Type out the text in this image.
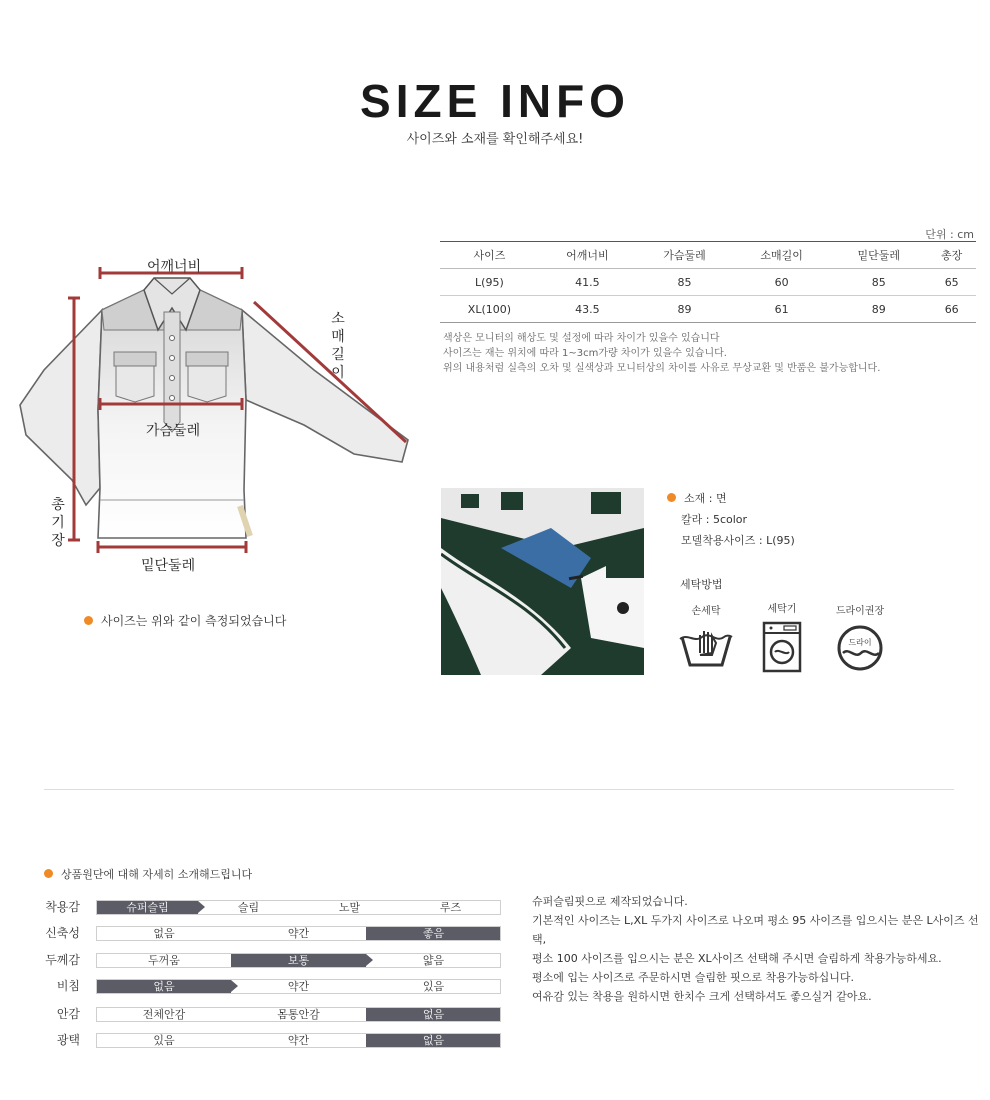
SIZE INFO
사이즈와 소재를 확인해주세요!
어깨너비
가슴둘레
밑단둘레
소
매
길
이
총
기
장
사이즈는 위와 같이 측정되었습니다
단위 : cm
사이즈	어깨너비	가슴둘레	소매길이	밑단둘레	총장
L(95)	41.5	85	60	85	65
XL(100)	43.5	89	61	89	66
색상은 모니터의 해상도 및 설정에 따라 차이가 있을수 있습니다
사이즈는 재는 위치에 따라 1~3cm가량 차이가 있을수 있습니다.
위의 내용처럼 실측의 오차 및 실색상과 모니터상의 차이를 사유로 무상교환 및 반품은 불가능합니다.
소재 : 면
칼라 : 5color
모델착용사이즈 : L(95)
세탁방법
손세탁	세탁기	드라이권장
드라이
상품원단에 대해 자세히 소개해드립니다
착용감	슈퍼슬림	슬림	노말	루즈
신축성	없음	약간	좋음
두께감	두꺼움	보통	얇음
비침	없음	약간	있음
안감	전체안감	몸통안감	없음
광택	있음	약간	없음
슈퍼슬림핏으로 제작되었습니다.
기본적인 사이즈는 L,XL 두가지 사이즈로 나오며 평소 95 사이즈를 입으시는 분은 L사이즈 선택,
평소 100 사이즈를 입으시는 분은 XL사이즈 선택해 주시면 슬림하게 착용가능하세요.
평소에 입는 사이즈로 주문하시면 슬림한 핏으로 착용가능하십니다.
여유감 있는 착용을 원하시면 한치수 크게 선택하셔도 좋으실거 같아요.
